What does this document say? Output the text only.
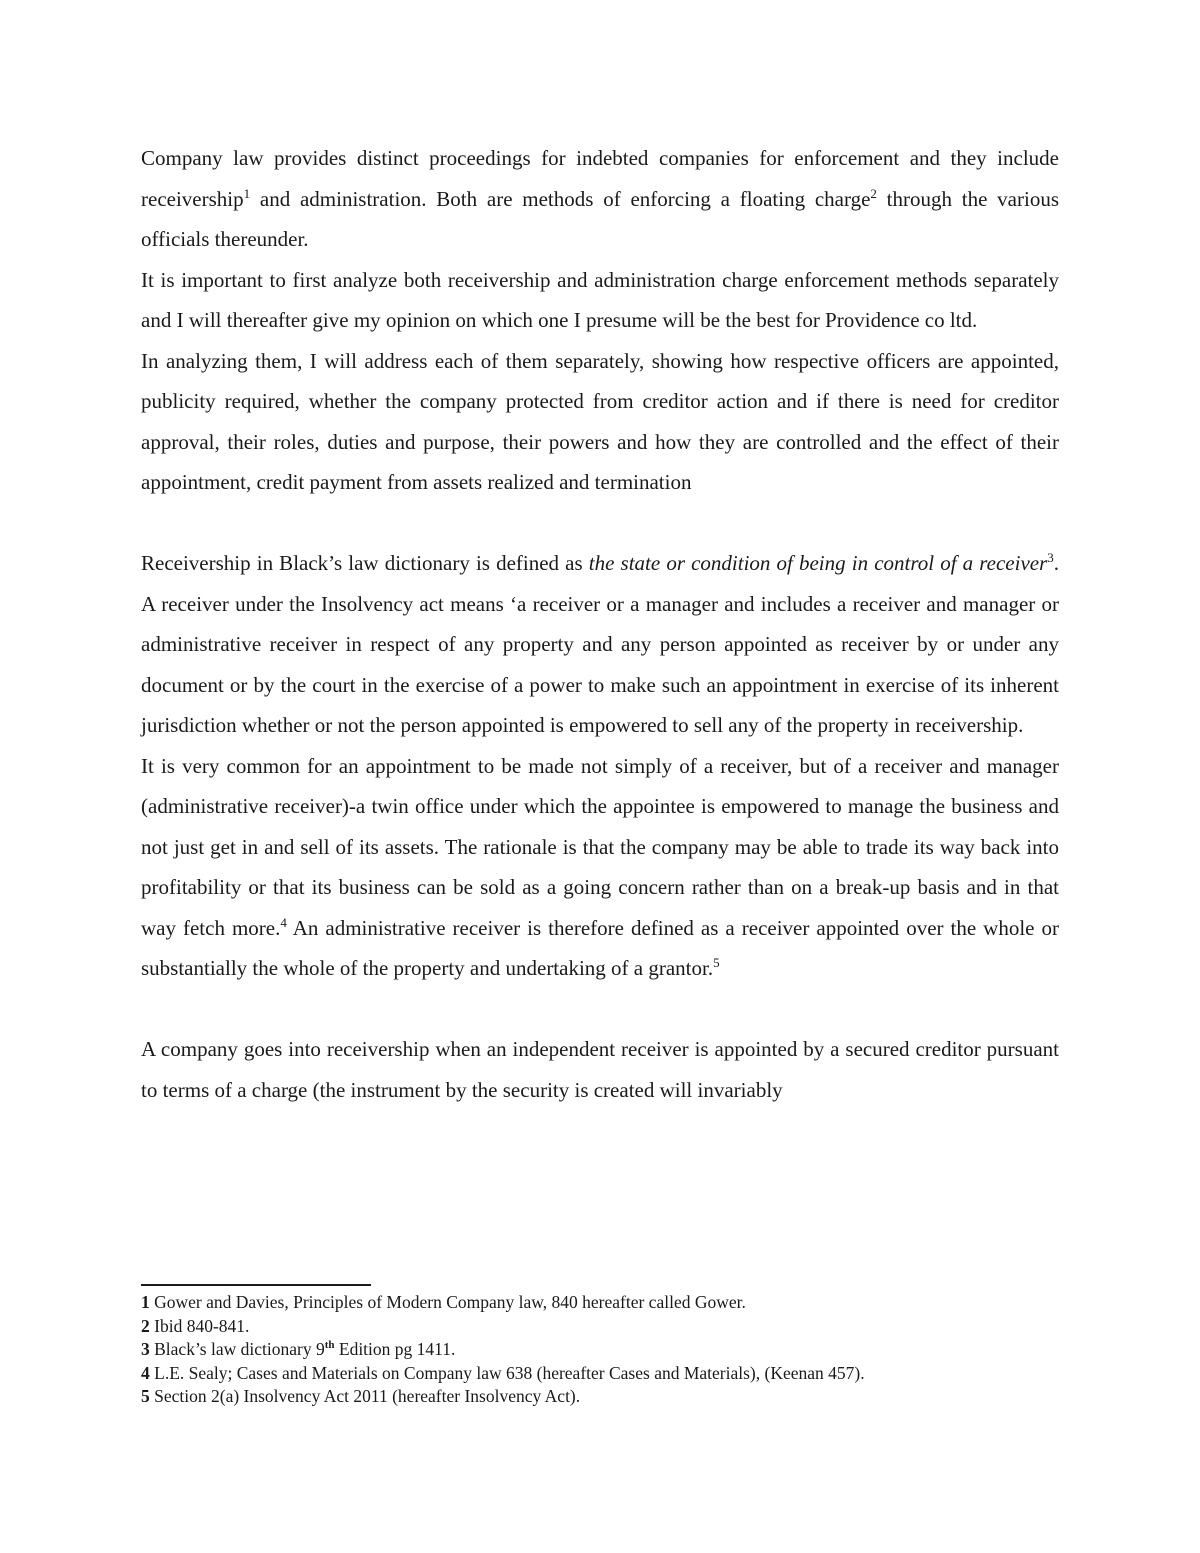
Company law provides distinct proceedings for indebted companies for enforcement and they include receivership$^1$ and administration. Both are methods of enforcing a floating charge$^2$ through the various officials thereunder.

It is important to first analyze both receivership and administration charge enforcement methods separately and I will thereafter give my opinion on which one I presume will be the best for Providence co ltd.

In analyzing them, I will address each of them separately, showing how respective officers are appointed, publicity required, whether the company protected from creditor action and if there is need for creditor approval, their roles, duties and purpose, their powers and how they are controlled and the effect of their appointment, credit payment from assets realized and termination

Receivership in Black’s law dictionary is defined as the state or condition of being in control of a receiver$^3$. A receiver under the Insolvency act means ‘a receiver or a manager and includes a receiver and manager or administrative receiver in respect of any property and any person appointed as receiver by or under any document or by the court in the exercise of a power to make such an appointment in exercise of its inherent jurisdiction whether or not the person appointed is empowered to sell any of the property in receivership.

It is very common for an appointment to be made not simply of a receiver, but of a receiver and manager (administrative receiver)-a twin office under which the appointee is empowered to manage the business and not just get in and sell of its assets. The rationale is that the company may be able to trade its way back into profitability or that its business can be sold as a going concern rather than on a break-up basis and in that way fetch more.$^4$ An administrative receiver is therefore defined as a receiver appointed over the whole or substantially the whole of the property and undertaking of a grantor.$^5$

A company goes into receivership when an independent receiver is appointed by a secured creditor pursuant to terms of a charge (the instrument by the security is created will invariably

1 Gower and Davies, Principles of Modern Company law, 840 hereafter called Gower.

2 Ibid 840-841.

3 Black’s law dictionary 9th Edition pg 1411.

4 L.E. Sealy; Cases and Materials on Company law 638 (hereafter Cases and Materials), (Keenan 457).

5 Section 2(a) Insolvency Act 2011 (hereafter Insolvency Act).
